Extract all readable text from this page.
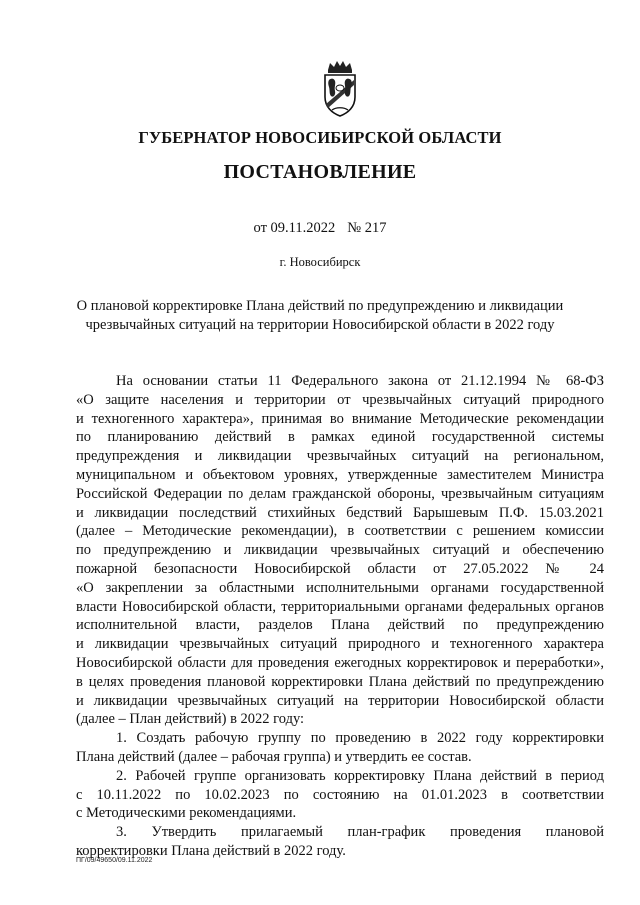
ГУБЕРНАТОР НОВОСИБИРСКОЙ ОБЛАСТИ
ПОСТАНОВЛЕНИЕ
от 09.11.2022 № 217
г. Новосибирск
О плановой корректировке Плана действий по предупреждению и ликвидации
чрезвычайных ситуаций на территории Новосибирской области в 2022 году
На основании статьи 11 Федерального закона от 21.12.1994 № 68-ФЗ
«О защите населения и территории от чрезвычайных ситуаций природного
и техногенного характера», принимая во внимание Методические рекомендации
по планированию действий в рамках единой государственной системы
предупреждения и ликвидации чрезвычайных ситуаций на региональном,
муниципальном и объектовом уровнях, утвержденные заместителем Министра
Российской Федерации по делам гражданской обороны, чрезвычайным ситуациям
и ликвидации последствий стихийных бедствий Барышевым П.Ф. 15.03.2021
(далее – Методические рекомендации), в соответствии с решением комиссии
по предупреждению и ликвидации чрезвычайных ситуаций и обеспечению
пожарной безопасности Новосибирской области от 27.05.2022 № 24
«О закреплении за областными исполнительными органами государственной
власти Новосибирской области, территориальными органами федеральных органов
исполнительной власти, разделов Плана действий по предупреждению
и ликвидации чрезвычайных ситуаций природного и техногенного характера
Новосибирской области для проведения ежегодных корректировок и переработки»,
в целях проведения плановой корректировки Плана действий по предупреждению
и ликвидации чрезвычайных ситуаций на территории Новосибирской области
(далее – План действий) в 2022 году:
1. Создать рабочую группу по проведению в 2022 году корректировки
Плана действий (далее – рабочая группа) и утвердить ее состав.
2. Рабочей группе организовать корректировку Плана действий в период
с 10.11.2022 по 10.02.2023 по состоянию на 01.01.2023 в соответствии
с Методическими рекомендациями.
3. Утвердить прилагаемый план-график проведения плановой
корректировки Плана действий в 2022 году.
ПГ/09/49650/09.11.2022
